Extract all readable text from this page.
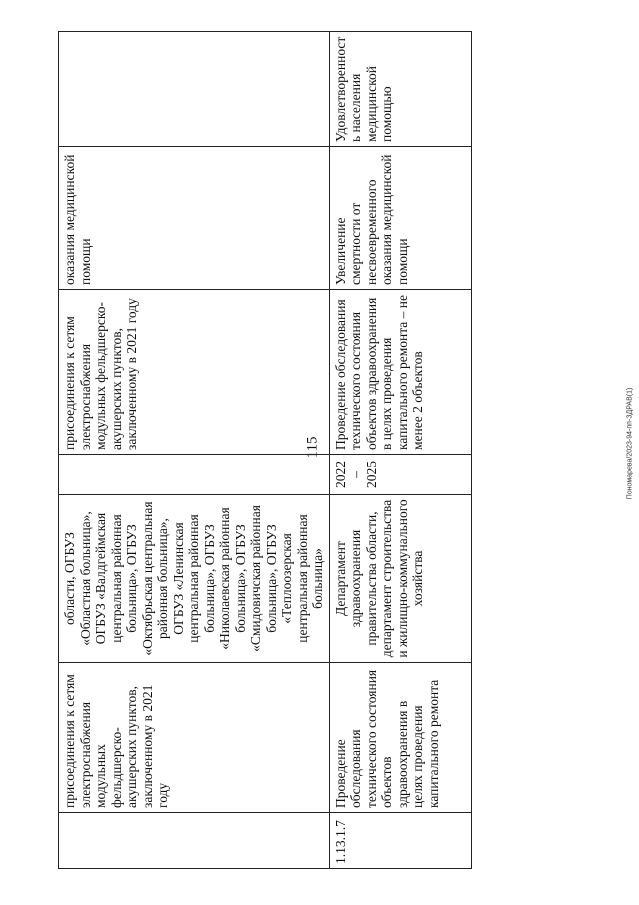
115	Пономарева/2023-94-пп-ЗДРАВ(1)
	присоединения к сетям электроснабжения модульных фельдшерско-акушерских пунктов, заключенному в 2021 году	области, ОГБУЗ «Областная больница», ОГБУЗ «Валдгеймская центральная районная больница», ОГБУЗ «Октябрьская центральная районная больница», ОГБУЗ «Ленинская центральная районная больница», ОГБУЗ «Николаевская районная больница», ОГБУЗ «Смидовичская районная больница», ОГБУЗ «Теплоозерская центральная районная больница»		присоединения к сетям электроснабжения модульных фельдшерско-акушерских пунктов, заключенному в 2021 году	оказания медицинской помощи	
1.13.1.7	Проведение обследования технического состояния объектов здравоохранения в целях проведения капитального ремонта	Департамент здравоохранения правительства области, департамент строительства и жилищно-коммунального хозяйства	2022 – 2025	Проведение обследования технического состояния объектов здравоохранения в целях проведения капитального ремонта – не менее 2 объектов	Увеличение смертности от несвоевременного оказания медицинской помощи	Удовлетворенность населения медицинской помощью
